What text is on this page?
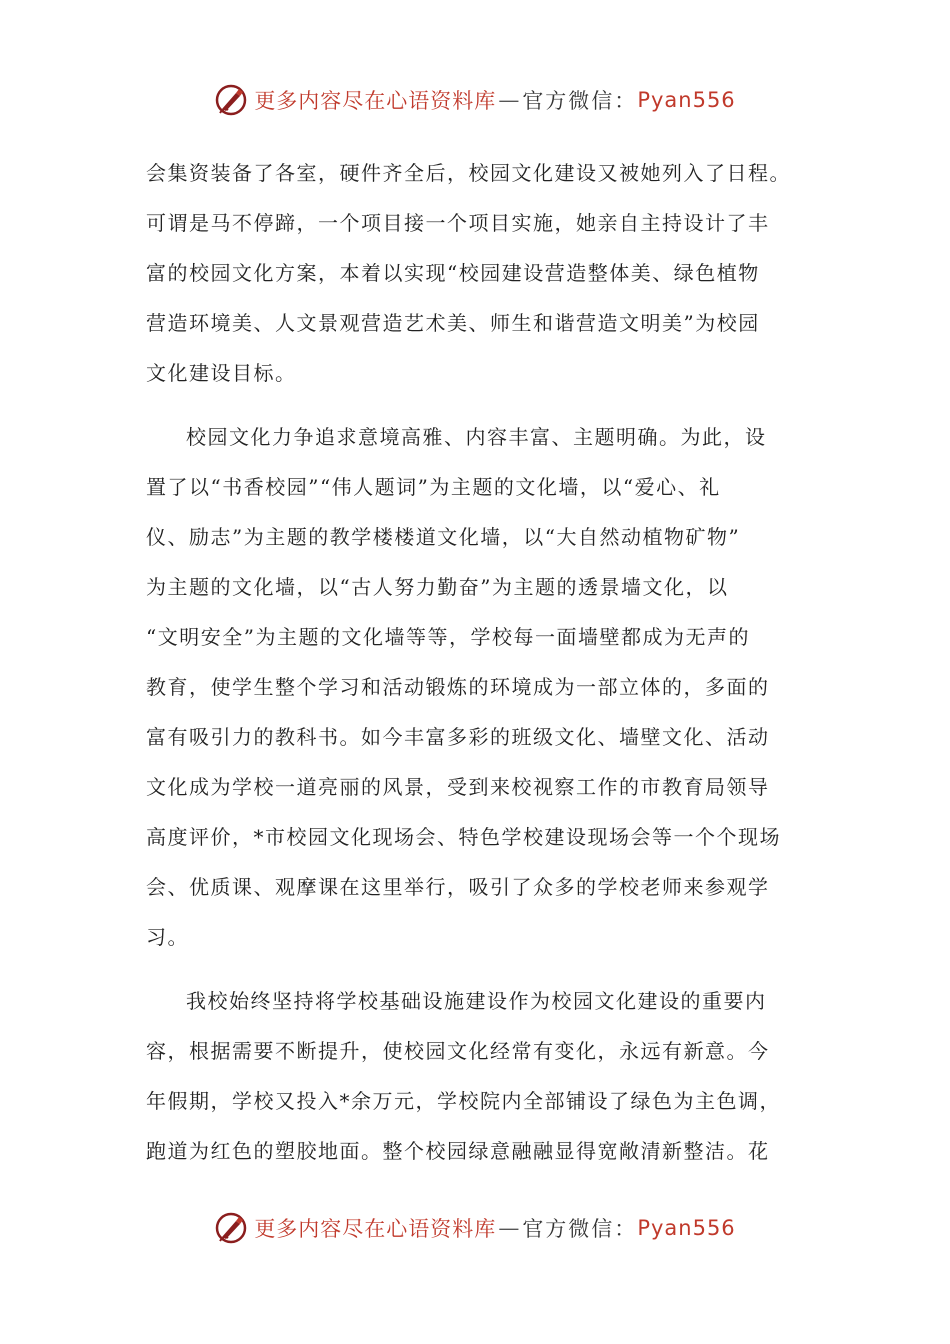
更多内容尽在心语资料库 — 官方微信： Pyan556

会集资装备了各室，硬件齐全后，校园文化建设又被她列入了日程。
可谓是马不停蹄，一个项目接一个项目实施，她亲自主持设计了丰
富的校园文化方案，本着以实现“校园建设营造整体美、绿色植物
营造环境美、人文景观营造艺术美、师生和谐营造文明美”为校园
文化建设目标。

校园文化力争追求意境高雅、内容丰富、主题明确。为此，设
置了以“书香校园”“伟人题词”为主题的文化墙，以“爱心、礼
仪、励志”为主题的教学楼楼道文化墙，以“大自然动植物矿物”
为主题的文化墙，以“古人努力勤奋”为主题的透景墙文化，以
“文明安全”为主题的文化墙等等，学校每一面墙壁都成为无声的
教育，使学生整个学习和活动锻炼的环境成为一部立体的，多面的
富有吸引力的教科书。如今丰富多彩的班级文化、墙壁文化、活动
文化成为学校一道亮丽的风景，受到来校视察工作的市教育局领导
高度评价，*市校园文化现场会、特色学校建设现场会等一个个现场
会、优质课、观摩课在这里举行，吸引了众多的学校老师来参观学
习。

我校始终坚持将学校基础设施建设作为校园文化建设的重要内
容，根据需要不断提升，使校园文化经常有变化，永远有新意。今
年假期，学校又投入*余万元，学校院内全部铺设了绿色为主色调，
跑道为红色的塑胶地面。整个校园绿意融融显得宽敞清新整洁。花

更多内容尽在心语资料库 — 官方微信： Pyan556
